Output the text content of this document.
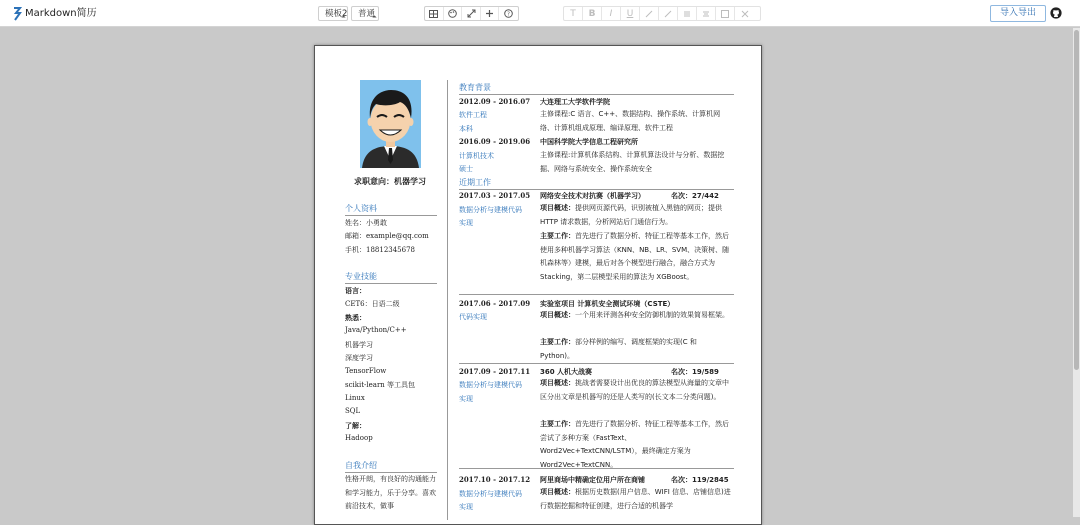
Markdown简历	模板2	普通	?	T	B I U	导入导出
求职意向：机器学习
个人资料
姓名：小勇敢
邮箱：example@qq.com
手机：18812345678
专业技能
语言：
CET6：日语二级
熟悉：
Java/Python/C++
机器学习
深度学习
TensorFlow
scikit-learn 等工具包
Linux
SQL
了解：
Hadoop
自我介绍
性格开朗，有良好的沟通能力和学习能力，乐于分享。喜欢前沿技术，做事
教育背景
2012.09 - 2016.07 大连理工大学软件学院
软件工程
本科
主修课程:C 语言、C++、数据结构、操作系统、计算机网络、计算机组成原理、编译原理、软件工程
2016.09 - 2019.06 中国科学院大学信息工程研究所
计算机技术
硕士
主修课程:计算机体系结构、计算机算法设计与分析、数据挖掘、网络与系统安全、操作系统安全
近期工作
2017.03 - 2017.05 网络安全技术对抗赛（机器学习）	名次：27/442
数据分析与建模代码
实现
项目概述：提供网页源代码，识别被植入黑链的网页；提供 HTTP 请求数据，分析网站后门通信行为。
主要工作：首先进行了数据分析、特征工程等基本工作，然后使用多种机器学习算法（KNN、NB、LR、SVM、决策树、随机森林等）建模，最后对各个模型进行融合，融合方式为 Stacking，第二层模型采用的算法为 XGBoost。
2017.06 - 2017.09 实验室项目 计算机安全测试环境（CSTE）
代码实现	项目概述：一个用来评测各种安全防御机制的效果简易框架。
主要工作：部分样例的编写、调度框架的实现(C 和 Python)。
2017.09 - 2017.11 360 人机大战赛	名次：19/589
数据分析与建模代码
实现
项目概述：挑战者需要设计出优良的算法模型从海量的文章中区分出文章是机器写的还是人类写的(长文本二分类问题)。
主要工作：首先进行了数据分析、特征工程等基本工作，然后尝试了多种方案（FastText、Word2Vec+TextCNN/LSTM），最终确定方案为 Word2Vec+TextCNN。
2017.10 - 2017.12 阿里商场中精确定位用户所在商铺	名次：119/2845
数据分析与建模代码
实现
项目概述：根据历史数据(用户信息、WIFI 信息、店铺信息)进行数据挖掘和特征创建，进行合适的机器学
